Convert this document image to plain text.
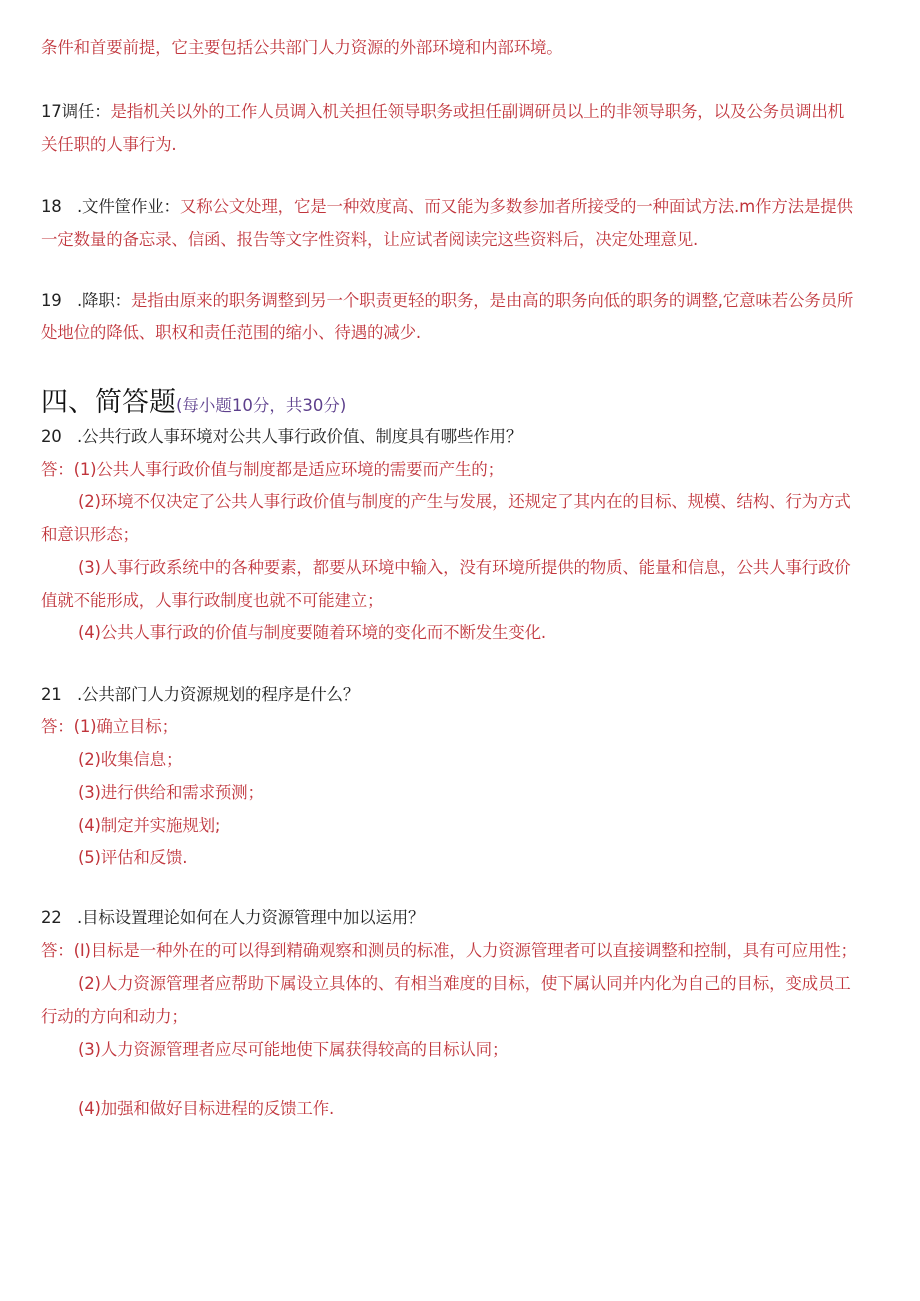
条件和首要前提，它主要包括公共部门人力资源的外部环境和内部环境。
17调任：是指机关以外的工作人员调入机关担任领导职务或担任副调研员以上的非领导职务，以及公务员调出机
关任职的人事行为.
18 .文件筐作业：又称公文处理，它是一种效度高、而又能为多数参加者所接受的一种面试方法.m作方法是提供
一定数量的备忘录、信函、报告等文字性资料，让应试者阅读完这些资料后，决定处理意见.
19 .降职：是指由原来的职务调整到另一个职责更轻的职务，是由高的职务向低的职务的调整,它意味若公务员所
处地位的降低、职权和责任范围的缩小、待遇的减少.
四、简答题(每小题10分，共30分)
20 .公共行政人事环境对公共人事行政价值、制度具有哪些作用？
答：(1)公共人事行政价值与制度都是适应环境的需要而产生的；
(2)环境不仅决定了公共人事行政价值与制度的产生与发展，还规定了其内在的目标、规模、结构、行为方式
和意识形态；
(3)人事行政系统中的各种要素，都要从环境中输入，没有环境所提供的物质、能量和信息，公共人事行政价
值就不能形成，人事行政制度也就不可能建立；
(4)公共人事行政的价值与制度要随着环境的变化而不断发生变化.
21 .公共部门人力资源规划的程序是什么？
答：(1)确立目标；
(2)收集信息；
(3)进行供给和需求预测；
(4)制定并实施规划;
(5)评估和反馈.
22 .目标设置理论如何在人力资源管理中加以运用？
答：(I)目标是一种外在的可以得到精确观察和测员的标准，人力资源管理者可以直接调整和控制，具有可应用性；
(2)人力资源管理者应帮助下属设立具体的、有相当难度的目标，使下属认同并内化为自己的目标，变成员工
行动的方向和动力；
(3)人力资源管理者应尽可能地使下属获得较高的目标认同；
(4)加强和做好目标进程的反馈工作.
